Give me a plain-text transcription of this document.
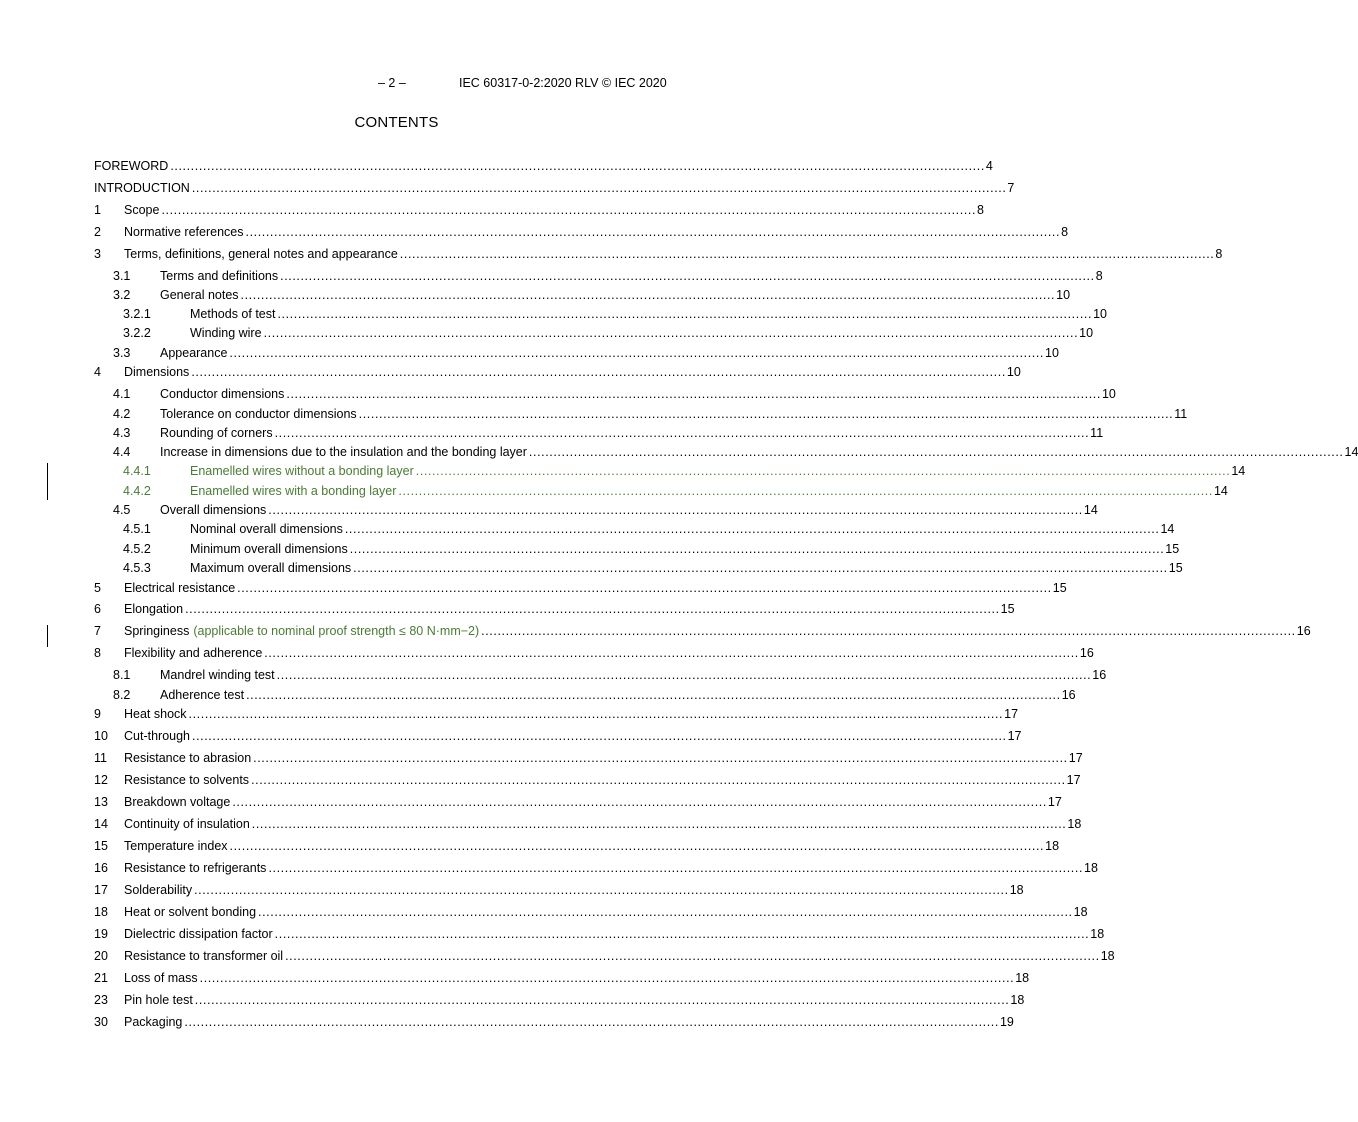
– 2 –	IEC 60317-0-2:2020 RLV © IEC 2020
CONTENTS
FOREWORD ........................................................................................................................................................................................................ 4
INTRODUCTION ........................................................................................................................................................................................................ 7
1	Scope ........................................................................................................................................................................................................ 8
2	Normative references ........................................................................................................................................................................................................ 8
3	Terms, definitions, general notes and appearance ........................................................................................................................................................................................................ 8
3.1	Terms and definitions ........................................................................................................................................................................................................ 8
3.2	General notes ........................................................................................................................................................................................................ 10
3.2.1	Methods of test ........................................................................................................................................................................................................ 10
3.2.2	Winding wire ........................................................................................................................................................................................................ 10
3.3	Appearance ........................................................................................................................................................................................................ 10
4	Dimensions ........................................................................................................................................................................................................ 10
4.1	Conductor dimensions ........................................................................................................................................................................................................ 10
4.2	Tolerance on conductor dimensions ........................................................................................................................................................................................................ 11
4.3	Rounding of corners ........................................................................................................................................................................................................ 11
4.4	Increase in dimensions due to the insulation and the bonding layer ........................................................................................................................................................................................................ 14
4.4.1	Enamelled wires without a bonding layer ........................................................................................................................................................................................................ 14
4.4.2	Enamelled wires with a bonding layer ........................................................................................................................................................................................................ 14
4.5	Overall dimensions ........................................................................................................................................................................................................ 14
4.5.1	Nominal overall dimensions ........................................................................................................................................................................................................ 14
4.5.2	Minimum overall dimensions ........................................................................................................................................................................................................ 15
4.5.3	Maximum overall dimensions ........................................................................................................................................................................................................ 15
5	Electrical resistance ........................................................................................................................................................................................................ 15
6	Elongation ........................................................................................................................................................................................................ 15
7	Springiness (applicable to nominal proof strength ≤ 80 N·mm−2) ........................................................................................................................................................................................................ 16
8	Flexibility and adherence ........................................................................................................................................................................................................ 16
8.1	Mandrel winding test ........................................................................................................................................................................................................ 16
8.2	Adherence test ........................................................................................................................................................................................................ 16
9	Heat shock ........................................................................................................................................................................................................ 17
10	Cut-through ........................................................................................................................................................................................................ 17
11	Resistance to abrasion ........................................................................................................................................................................................................ 17
12	Resistance to solvents ........................................................................................................................................................................................................ 17
13	Breakdown voltage ........................................................................................................................................................................................................ 17
14	Continuity of insulation ........................................................................................................................................................................................................ 18
15	Temperature index ........................................................................................................................................................................................................ 18
16	Resistance to refrigerants ........................................................................................................................................................................................................ 18
17	Solderability ........................................................................................................................................................................................................ 18
18	Heat or solvent bonding ........................................................................................................................................................................................................ 18
19	Dielectric dissipation factor ........................................................................................................................................................................................................ 18
20	Resistance to transformer oil ........................................................................................................................................................................................................ 18
21	Loss of mass ........................................................................................................................................................................................................ 18
23	Pin hole test ........................................................................................................................................................................................................ 18
30	Packaging ........................................................................................................................................................................................................ 19
